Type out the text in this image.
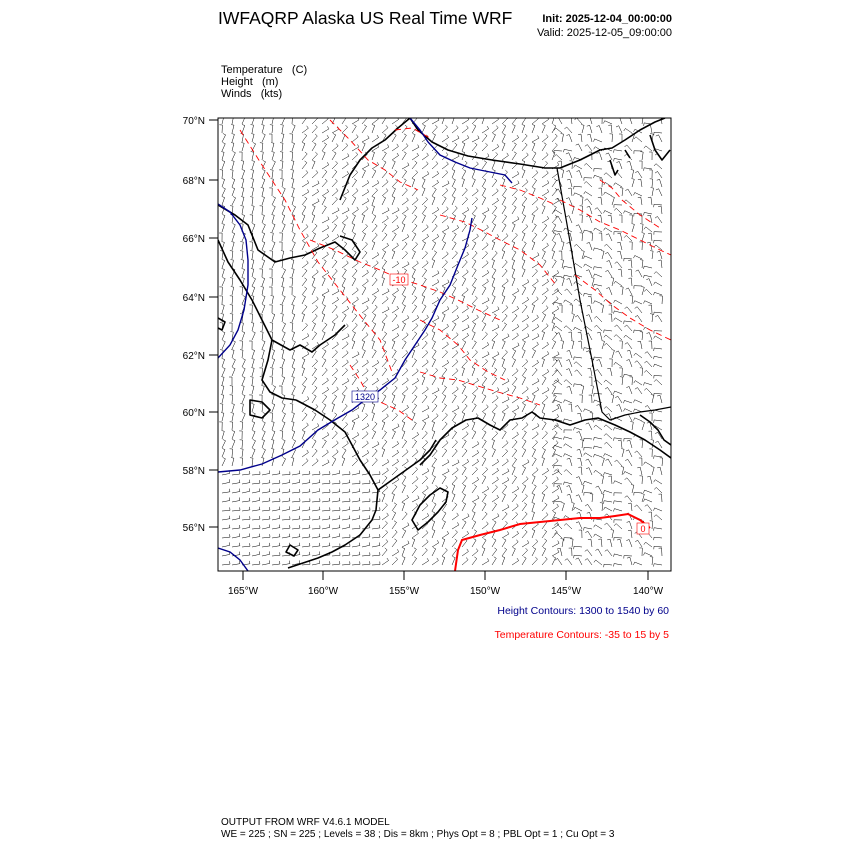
IWFAQRP Alaska US Real Time WRF	Init: 2025-12-04_00:00:00
Valid: 2025-12-05_09:00:00
Temperature   (C)
Height   (m)
Winds   (kts)
1320
-10
0
70°N
68°N
66°N
64°N
62°N
60°N
58°N
56°N
165°W	160°W	155°W	150°W	145°W	140°W
Height Contours: 1300 to 1540 by 60
Temperature Contours: -35 to 15 by 5
OUTPUT FROM WRF V4.6.1 MODEL
WE = 225 ; SN = 225 ; Levels = 38 ; Dis = 8km ; Phys Opt = 8 ; PBL Opt = 1 ; Cu Opt = 3
